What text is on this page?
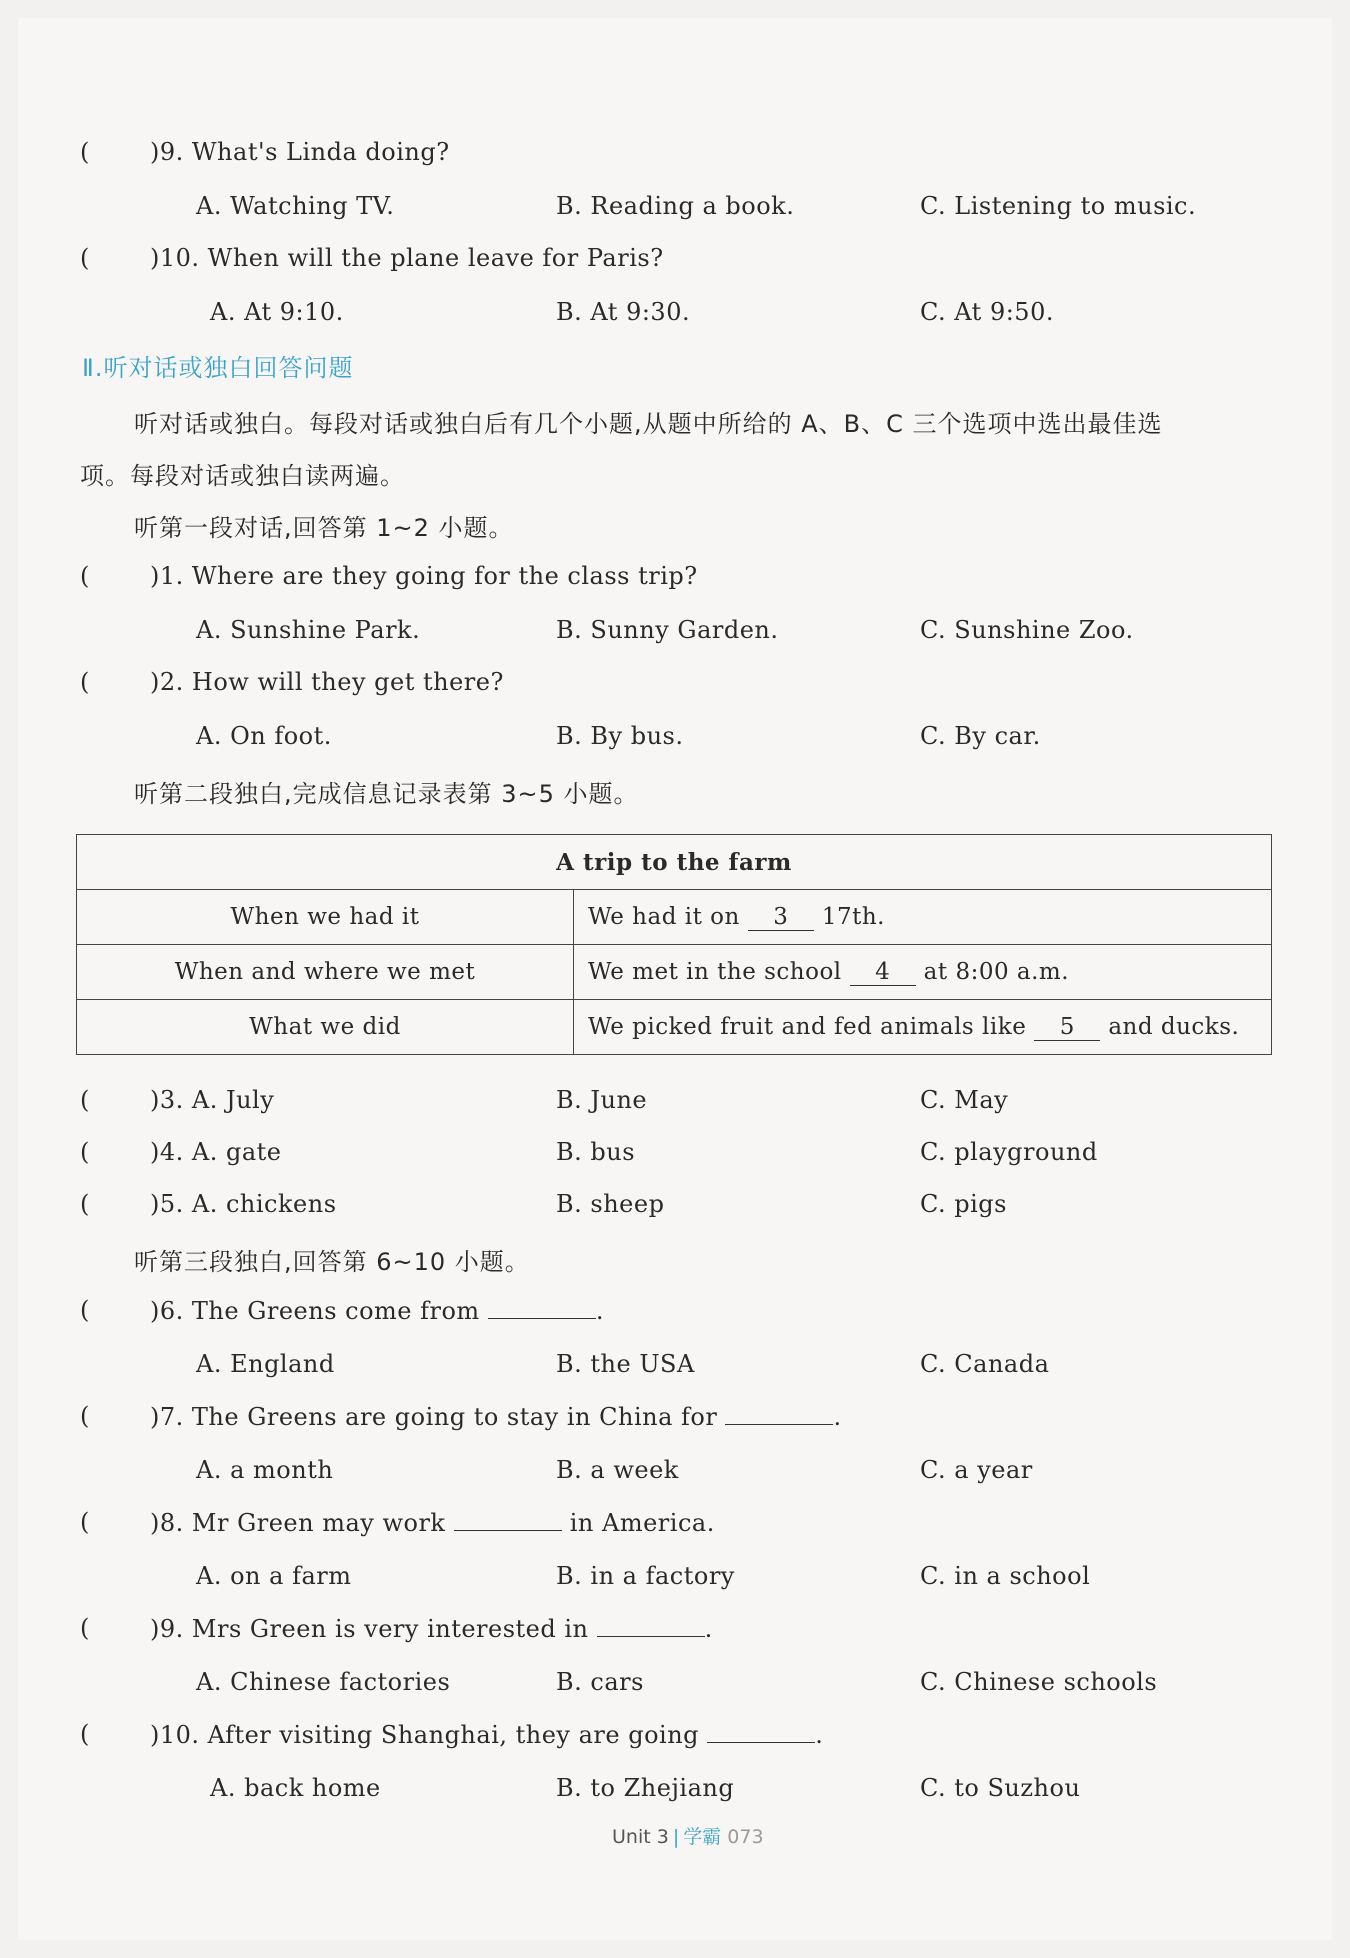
(	)9. What's Linda doing?
A. Watching TV.	B. Reading a book.	C. Listening to music.
(	)10. When will the plane leave for Paris?
A. At 9:10.	B. At 9:30.	C. At 9:50.
Ⅱ.听对话或独白回答问题
听对话或独白。每段对话或独白后有几个小题,从题中所给的 A、B、C 三个选项中选出最佳选
项。每段对话或独白读两遍。
听第一段对话,回答第 1~2 小题。
(	)1. Where are they going for the class trip?
A. Sunshine Park.	B. Sunny Garden.	C. Sunshine Zoo.
(	)2. How will they get there?
A. On foot.	B. By bus.	C. By car.
听第二段独白,完成信息记录表第 3~5 小题。
A trip to the farm	
When we had it	We had it on 3 17th.
When and where we met	We met in the school 4 at 8:00 a.m.
What we did	We picked fruit and fed animals like 5 and ducks.
(	)3. A. July	B. June	C. May
(	)4. A. gate	B. bus	C. playground
(	)5. A. chickens	B. sheep	C. pigs
听第三段独白,回答第 6~10 小题。
(	)6. The Greens come from	.
A. England	B. the USA	C. Canada
(	)7. The Greens are going to stay in China for	.
A. a month	B. a week	C. a year
(	)8. Mr Green may work	in America.
A. on a farm	B. in a factory	C. in a school
(	)9. Mrs Green is very interested in	.
A. Chinese factories	B. cars	C. Chinese schools
(	)10. After visiting Shanghai, they are going	.
A. back home	B. to Zhejiang	C. to Suzhou
Unit 3 | 学霸 073
